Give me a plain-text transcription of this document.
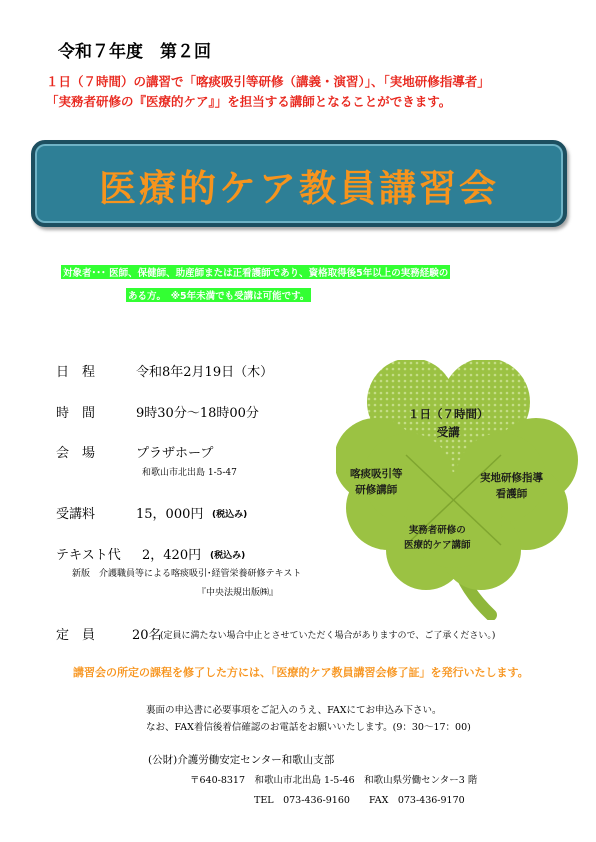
令和７年度　第２回
１日（７時間）の講習で「喀痰吸引等研修（講義・演習）」、「実地研修指導者」
「実務者研修の『医療的ケア』」を担当する講師となることができます。
医療的ケア教員講習会
対象者･･･ 医師、保健師、助産師または正看護師であり、資格取得後5年以上の実務経験の
ある方。　※5年未満でも受講は可能です。
１日（７時間）
受講
喀痰吸引等
研修講師
実地研修指導
看護師
実務者研修の
医療的ケア講師
日　程	令和8年2月19日（木）
時　間	9時30分～18時00分
会　場	プラザホープ
和歌山市北出島 1-5-47
受講料	15，000円 (税込み)
テキスト代 2，420円 (税込み)
新版　介護職員等による喀痰吸引･経管栄養研修テキスト
『中央法規出版㈱』
定　員	20名
(定員に満たない場合中止とさせていただく場合がありますので、ご了承ください。)
講習会の所定の課程を修了した方には、「医療的ケア教員講習会修了証」を発行いたします。
裏面の申込書に必要事項をご記入のうえ、FAXにてお申込み下さい。
なお、FAX着信後着信確認のお電話をお願いいたします。(9：30～17：00)
(公財)介護労働安定センター和歌山支部
〒640-8317　和歌山市北出島 1-5-46　和歌山県労働センター3 階
TEL　073-436-9160　　FAX　073-436-9170
